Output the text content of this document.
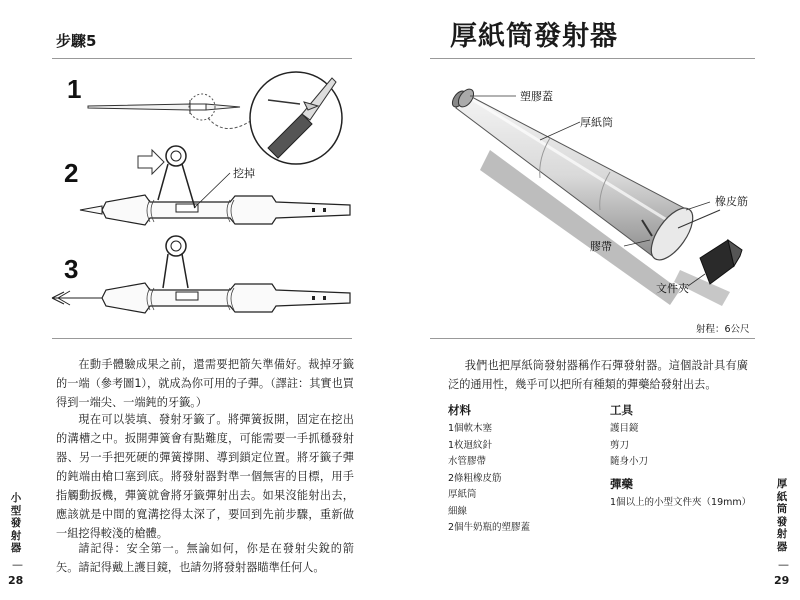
步驟5
1
2
3
挖掉

在動手體驗成果之前，還需要把箭矢準備好。裁掉牙籤的一端（參考圖1），就成為你可用的子彈。（譯註：其實也買得到一端尖、一端鈍的牙籤。）

現在可以裝填、發射牙籤了。將彈簧扳開，固定在挖出的溝槽之中。扳開彈簧會有點難度，可能需要一手抓穩發射器、另一手把死硬的彈簧撐開、導到鎖定位置。將牙籤子彈的鈍端由槍口塞到底。將發射器對準一個無害的目標，用手指觸動扳機，彈簧就會將牙籤彈射出去。如果沒能射出去，應該就是中間的寬溝挖得太深了，要回到先前步驟，重新做一組挖得較淺的槍體。

請記得：安全第一。無論如何，你是在發射尖銳的箭矢。請記得戴上護目鏡，也請勿將發射器瞄準任何人。

小型發射器
—
28
厚紙筒發射器
塑膠蓋
厚紙筒
橡皮筋
膠帶
文件夾
射程：6公尺

我們也把厚紙筒發射器稱作石彈發射器。這個設計具有廣泛的通用性，幾乎可以把所有種類的彈藥給發射出去。

材料
1個軟木塞
1枚迴紋針
水管膠帶
2條粗橡皮筋
厚紙筒
細線
2個牛奶瓶的塑膠蓋
工具
護目鏡
剪刀
隨身小刀
彈藥
1個以上的小型文件夾（19mm）
厚紙筒發射器
—
29
